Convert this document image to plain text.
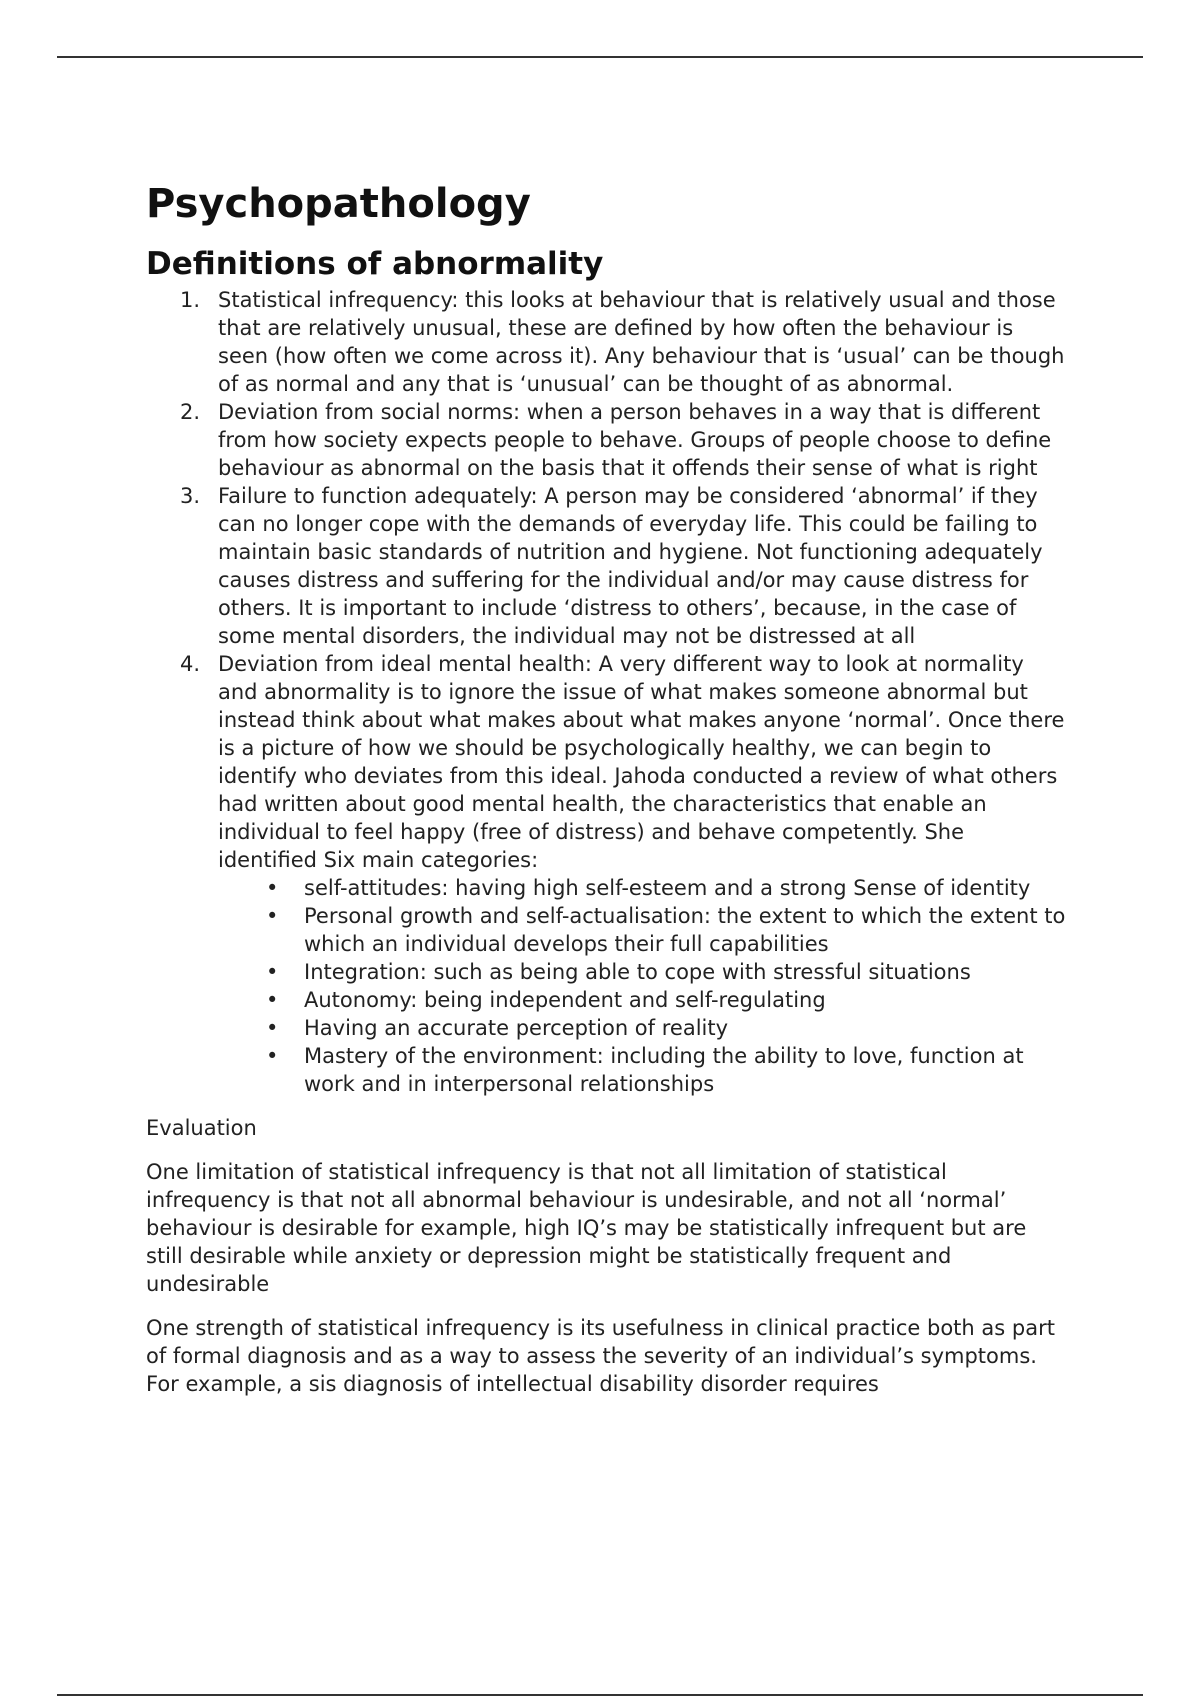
Psychopathology
Definitions of abnormality
1. Statistical infrequency: this looks at behaviour that is relatively usual and those that are relatively unusual, these are defined by how often the behaviour is seen (how often we come across it). Any behaviour that is ‘usual’ can be though of as normal and any that is ‘unusual’ can be thought of as abnormal.
2. Deviation from social norms: when a person behaves in a way that is different from how society expects people to behave. Groups of people choose to define behaviour as abnormal on the basis that it offends their sense of what is right
3. Failure to function adequately: A person may be considered ‘abnormal’ if they can no longer cope with the demands of everyday life. This could be failing to maintain basic standards of nutrition and hygiene. Not functioning adequately causes distress and suffering for the individual and/or may cause distress for others. It is important to include ‘distress to others’, because, in the case of some mental disorders, the individual may not be distressed at all
4. Deviation from ideal mental health: A very different way to look at normality and abnormality is to ignore the issue of what makes someone abnormal but instead think about what makes about what makes anyone ‘normal’. Once there is a picture of how we should be psychologically healthy, we can begin to identify who deviates from this ideal. Jahoda conducted a review of what others had written about good mental health, the characteristics that enable an individual to feel happy (free of distress) and behave competently. She identified Six main categories:
• self-attitudes: having high self-esteem and a strong Sense of identity
• Personal growth and self-actualisation: the extent to which the extent to which an individual develops their full capabilities
• Integration: such as being able to cope with stressful situations
• Autonomy: being independent and self-regulating
• Having an accurate perception of reality
• Mastery of the environment: including the ability to love, function at work and in interpersonal relationships

Evaluation

One limitation of statistical infrequency is that not all limitation of statistical infrequency is that not all abnormal behaviour is undesirable, and not all ‘normal’ behaviour is desirable for example, high IQ’s may be statistically infrequent but are still desirable while anxiety or depression might be statistically frequent and undesirable

One strength of statistical infrequency is its usefulness in clinical practice both as part of formal diagnosis and as a way to assess the severity of an individual’s symptoms. For example, a sis diagnosis of intellectual disability disorder requires
